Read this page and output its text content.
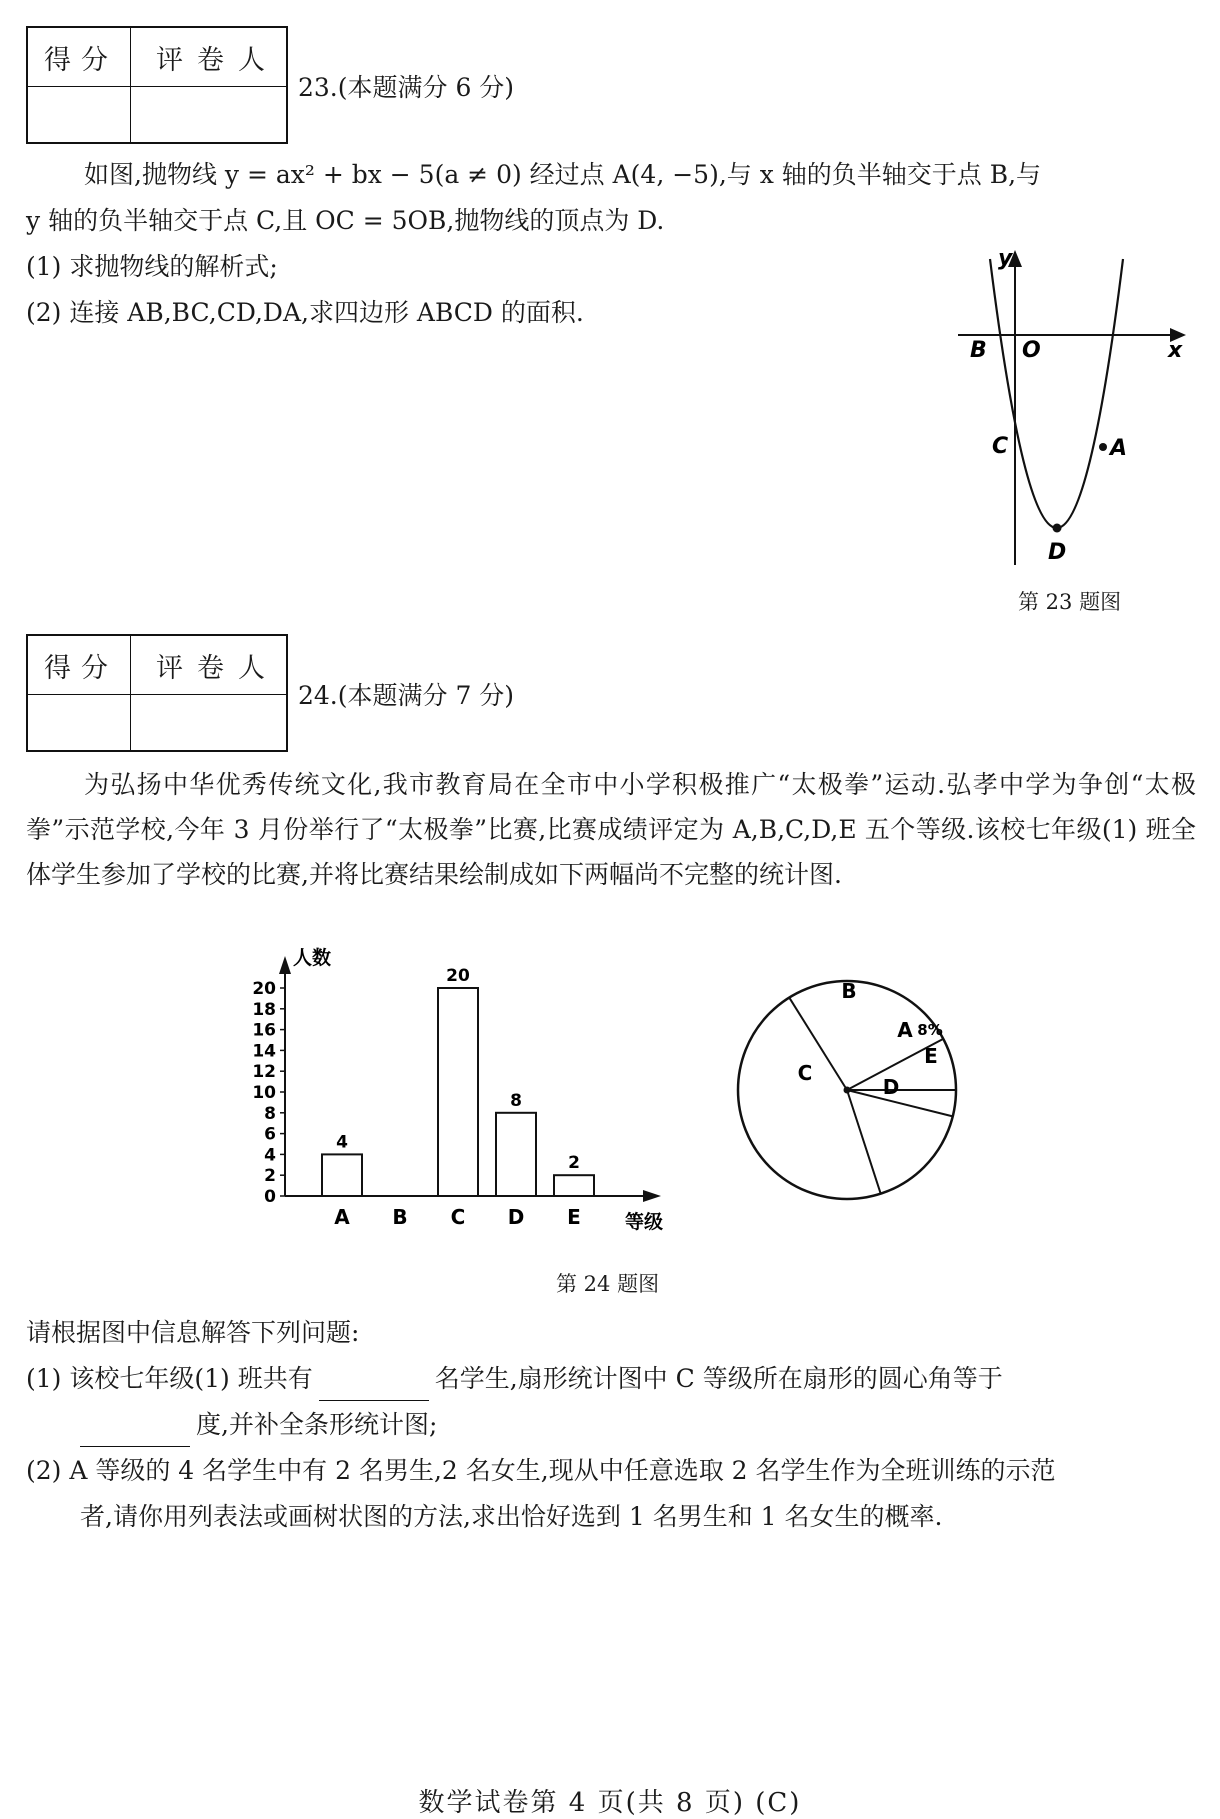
得分 评卷人
23.(本题满分 6 分)
如图,抛物线 y = ax² + bx − 5(a ≠ 0) 经过点 A(4, −5),与 x 轴的负半轴交于点 B,与
y 轴的负半轴交于点 C,且 OC = 5OB,抛物线的顶点为 D.
(1) 求抛物线的解析式;
(2) 连接 AB,BC,CD,DA,求四边形 ABCD 的面积.
y
x
B O
C	A
D
第 23 题图
得分 评卷人
24.(本题满分 7 分)
为弘扬中华优秀传统文化,我市教育局在全市中小学积极推广“太极拳”运动.弘孝中学为争创“太极拳”示范学校,今年 3 月份举行了“太极拳”比赛,比赛成绩评定为 A,B,C,D,E 五个等级.该校七年级(1) 班全体学生参加了学校的比赛,并将比赛结果绘制成如下两幅尚不完整的统计图.
人数
等级
0
2
4
6
8
10
12
14
16
18
20
4
A B
20
C
8
D
2
E
B
A 8%
E
D
C
第 24 题图
请根据图中信息解答下列问题:
(1) 该校七年级(1) 班共有	名学生,扇形统计图中 C 等级所在扇形的圆心角等于
度,并补全条形统计图;
(2) A 等级的 4 名学生中有 2 名男生,2 名女生,现从中任意选取 2 名学生作为全班训练的示范
者,请你用列表法或画树状图的方法,求出恰好选到 1 名男生和 1 名女生的概率.
数学试卷第 4 页(共 8 页) (C)
